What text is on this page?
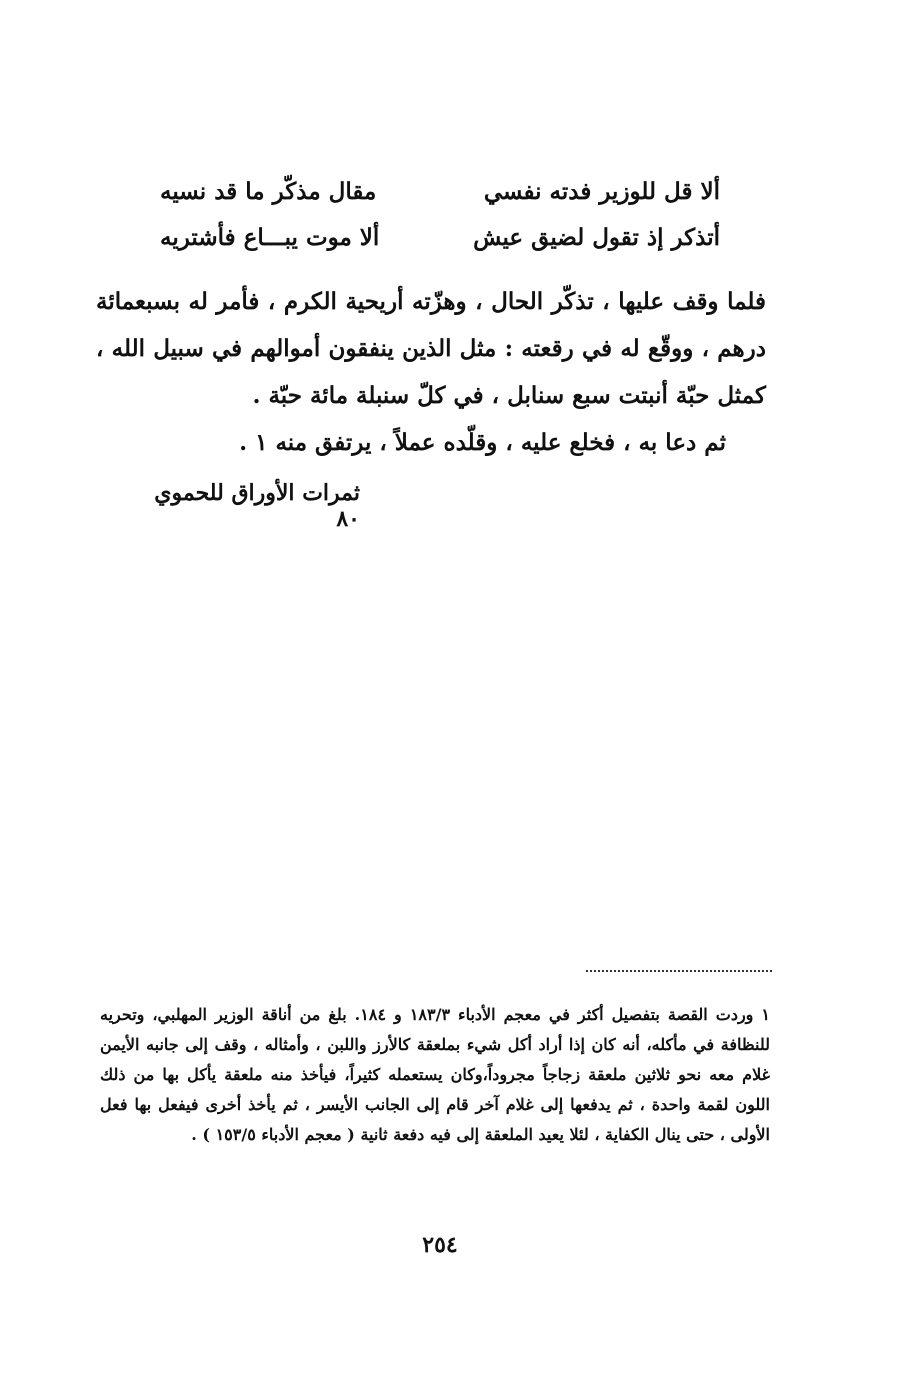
ألا قل للوزير فدته نفسي
مقال مذكّر ما قد نسيه
أتذكر إذ تقول لضيق عيش
ألا موت يبـــاع فأشتريه

فلما وقف عليها ، تذكّر الحال ، وهزّته أريحية الكرم ، فأمر له بسبعمائة درهم ، ووقّع له في رقعته : مثل الذين ينفقون أموالهم في سبيل الله ، كمثل حبّة أنبتت سبع سنابل ، في كلّ سنبلة مائة حبّة .

ثم دعا به ، فخلع عليه ، وقلّده عملاً ، يرتفق منه ١ .

ثمرات الأوراق للحموي ٨٠

١ وردت القصة بتفصيل أكثر في معجم الأدباء ١٨٣/٣ و ١٨٤. بلغ من أناقة الوزير المهلبي، وتحريه للنظافة في مأكله، أنه كان إذا أراد أكل شيء بملعقة كالأرز واللبن ، وأمثاله ، وقف إلى جانبه الأيمن غلام معه نحو ثلاثين ملعقة زجاجاً مجروداً،وكان يستعمله كثيراً، فيأخذ منه ملعقة يأكل بها من ذلك اللون لقمة واحدة ، ثم يدفعها إلى غلام آخر قام إلى الجانب الأيسر ، ثم يأخذ أخرى فيفعل بها فعل الأولى ، حتى ينال الكفاية ، لئلا يعيد الملعقة إلى فيه دفعة ثانية ( معجم الأدباء ١٥٣/٥ ) .

٢٥٤
